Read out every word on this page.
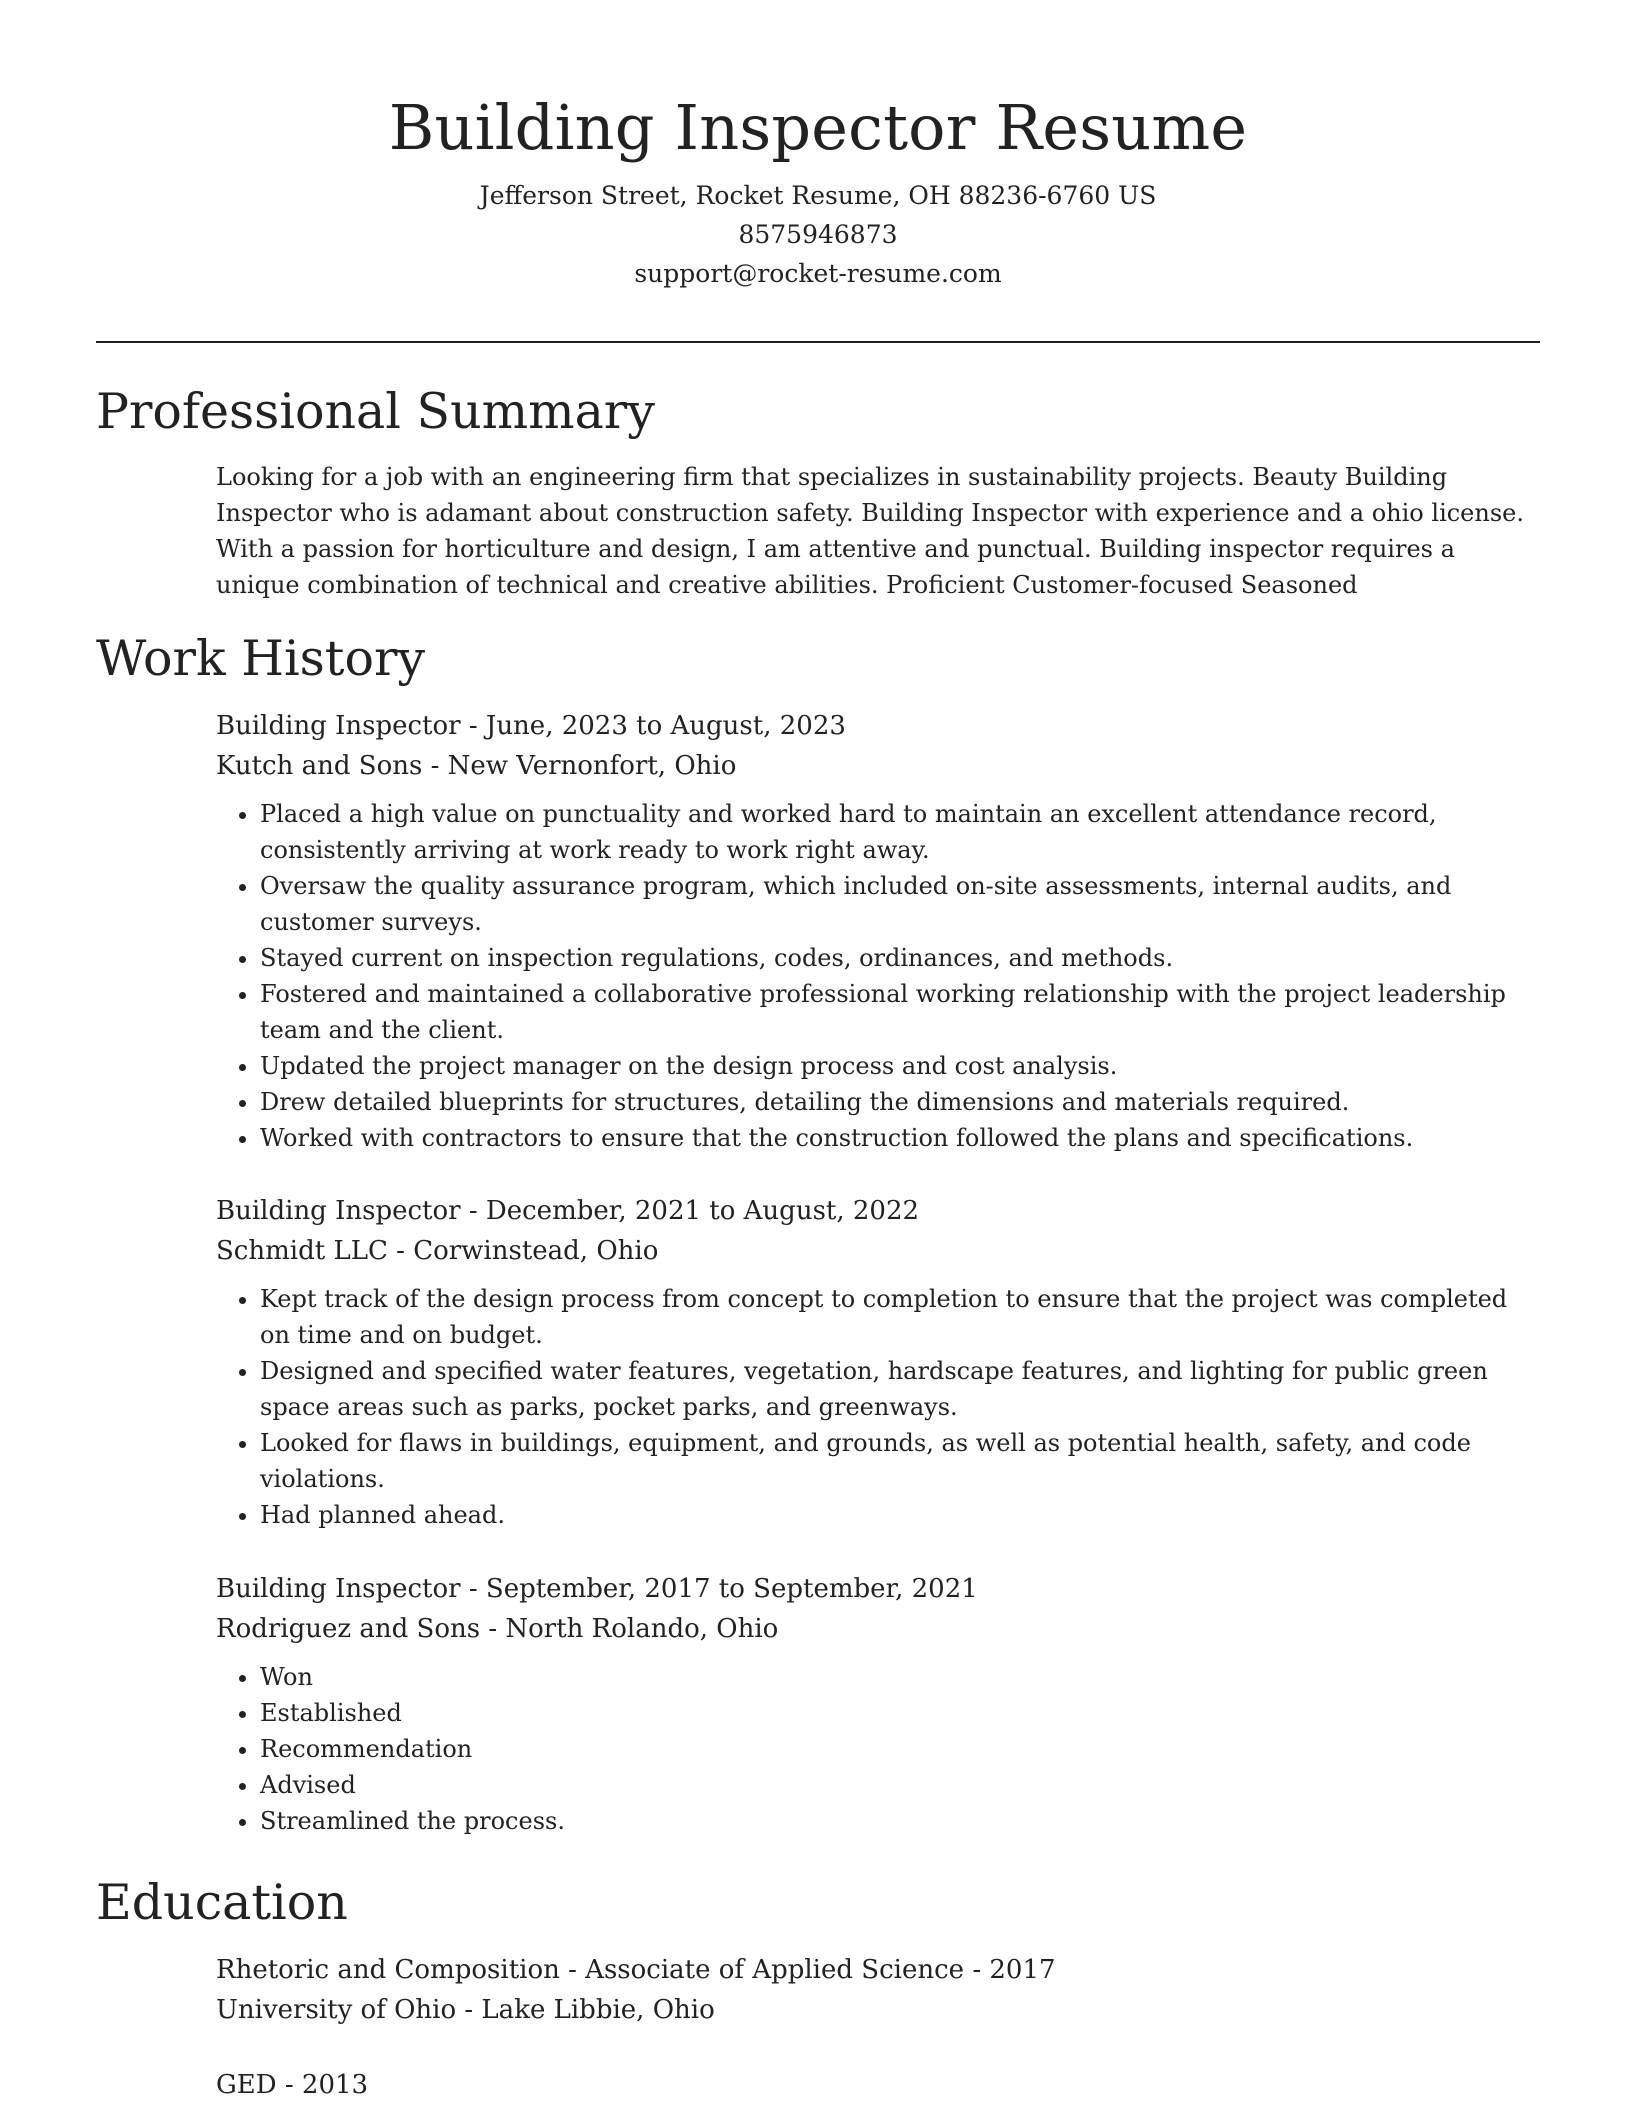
Building Inspector Resume
Jefferson Street, Rocket Resume, OH 88236-6760 US
8575946873
support@rocket-resume.com
Professional Summary

Looking for a job with an engineering firm that specializes in sustainability projects. Beauty Building Inspector who is adamant about construction safety. Building Inspector with experience and a ohio license. With a passion for horticulture and design, I am attentive and punctual. Building inspector requires a unique combination of technical and creative abilities. Proficient Customer-focused Seasoned

Work History
Building Inspector - June, 2023 to August, 2023
Kutch and Sons - New Vernonfort, Ohio
• Placed a high value on punctuality and worked hard to maintain an excellent attendance record, consistently arriving at work ready to work right away.
• Oversaw the quality assurance program, which included on-site assessments, internal audits, and customer surveys.
• Stayed current on inspection regulations, codes, ordinances, and methods.
• Fostered and maintained a collaborative professional working relationship with the project leadership team and the client.
• Updated the project manager on the design process and cost analysis.
• Drew detailed blueprints for structures, detailing the dimensions and materials required.
• Worked with contractors to ensure that the construction followed the plans and specifications.
Building Inspector - December, 2021 to August, 2022
Schmidt LLC - Corwinstead, Ohio
• Kept track of the design process from concept to completion to ensure that the project was completed on time and on budget.
• Designed and specified water features, vegetation, hardscape features, and lighting for public green space areas such as parks, pocket parks, and greenways.
• Looked for flaws in buildings, equipment, and grounds, as well as potential health, safety, and code violations.
• Had planned ahead.
Building Inspector - September, 2017 to September, 2021
Rodriguez and Sons - North Rolando, Ohio
• Won
• Established
• Recommendation
• Advised
• Streamlined the process.
Education
Rhetoric and Composition - Associate of Applied Science - 2017
University of Ohio - Lake Libbie, Ohio
GED - 2013
